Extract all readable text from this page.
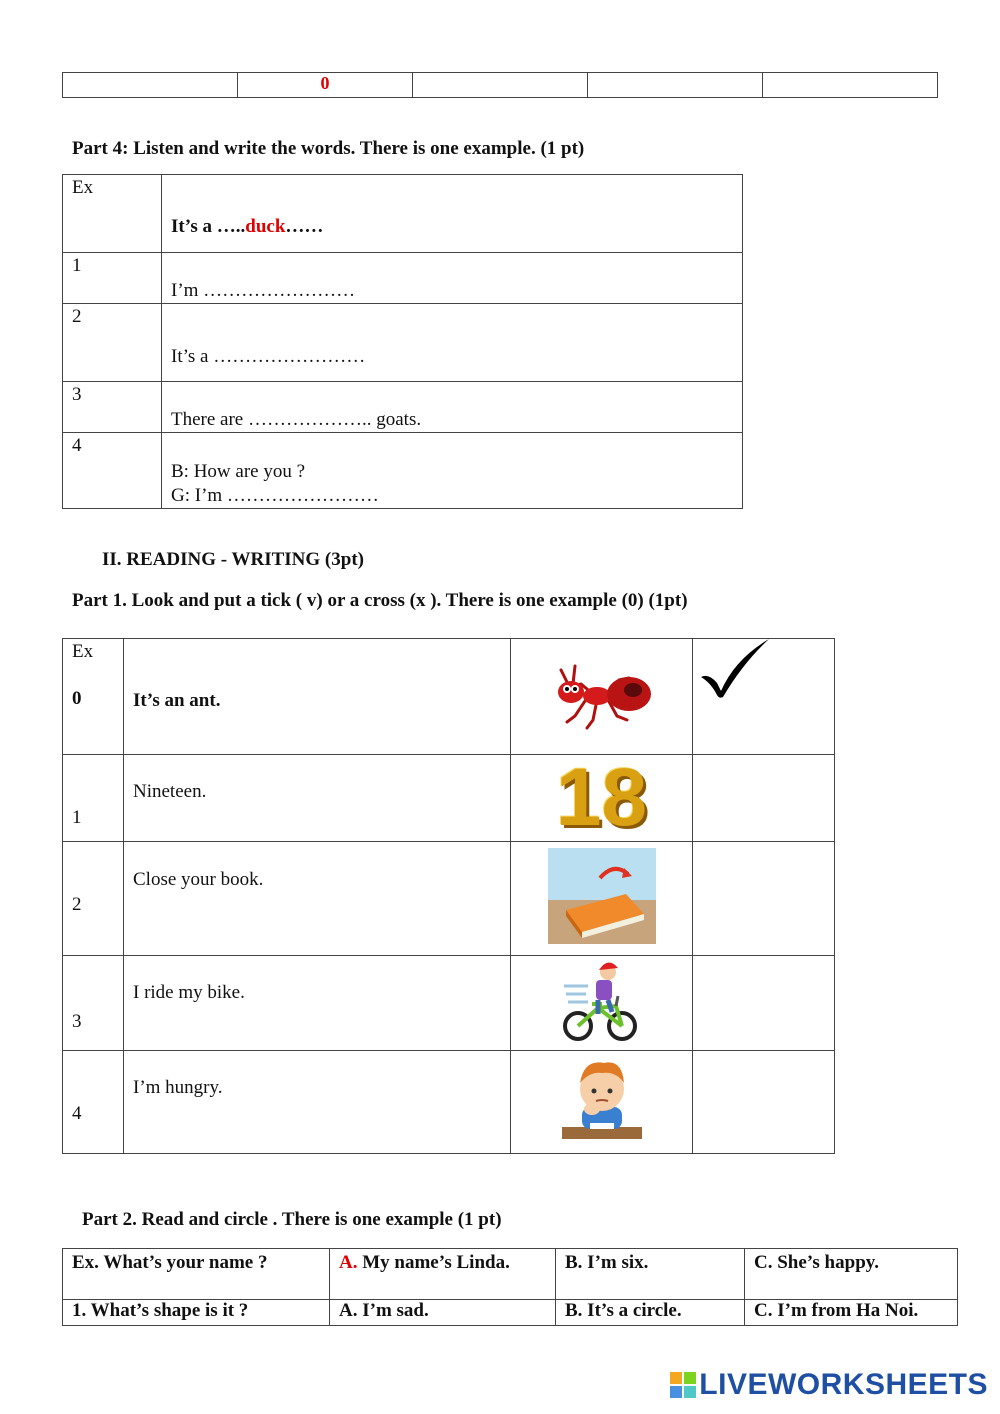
	0			
Part 4: Listen and write the words. There is one example. (1 pt)
Ex	It’s a …..duck……
1	I’m ……………………

2	It’s a ……………………

3	There are ……………….. goats.

4	B: How are you ?
G: I’m ……………………
II. READING - WRITING (3pt)
Part 1. Look and put a tick ( v) or a cross (x ). There is one example (0) (1pt)
Ex
0	It’s an ant.

1	Nineteen.	18	

2	Close your book.

3	I ride my bike.

4	I’m hungry.

Part 2. Read and circle . There is one example (1 pt)
Ex. What’s your name ?	A. My name’s Linda.	B. I’m six.	C. She’s happy.

1. What’s shape is it ?	A. I’m sad.	B. It’s a circle.	C. I’m from Ha Noi.
LIVEWORKSHEETS
